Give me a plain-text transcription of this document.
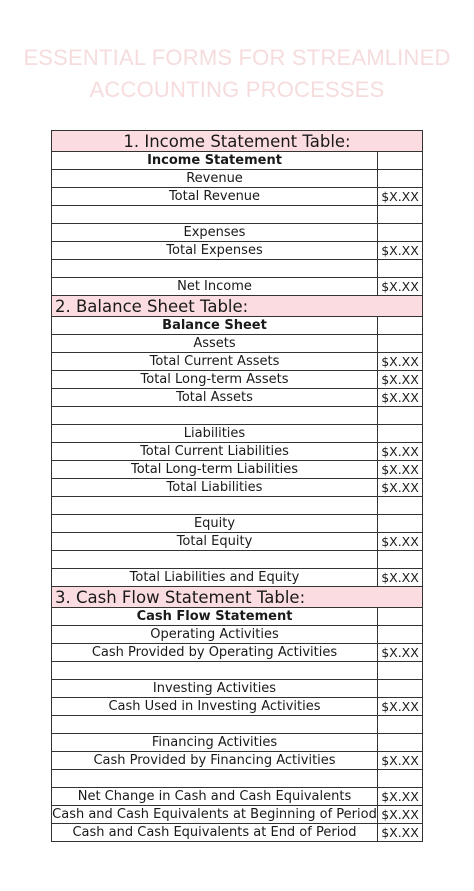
ESSENTIAL FORMS FOR STREAMLINED
ACCOUNTING PROCESSES
1. Income Statement Table:	
Income Statement	
Revenue	
Total Revenue	$X.XX

Expenses	
Total Expenses	$X.XX

Net Income	$X.XX
2. Balance Sheet Table:	
Balance Sheet	
Assets	
Total Current Assets	$X.XX
Total Long-term Assets	$X.XX
Total Assets	$X.XX

Liabilities	
Total Current Liabilities	$X.XX
Total Long-term Liabilities	$X.XX
Total Liabilities	$X.XX

Equity	
Total Equity	$X.XX

Total Liabilities and Equity	$X.XX
3. Cash Flow Statement Table:	
Cash Flow Statement	
Operating Activities	
Cash Provided by Operating Activities	$X.XX

Investing Activities	
Cash Used in Investing Activities	$X.XX

Financing Activities	
Cash Provided by Financing Activities	$X.XX

Net Change in Cash and Cash Equivalents	$X.XX
Cash and Cash Equivalents at Beginning of Period	$X.XX
Cash and Cash Equivalents at End of Period	$X.XX
